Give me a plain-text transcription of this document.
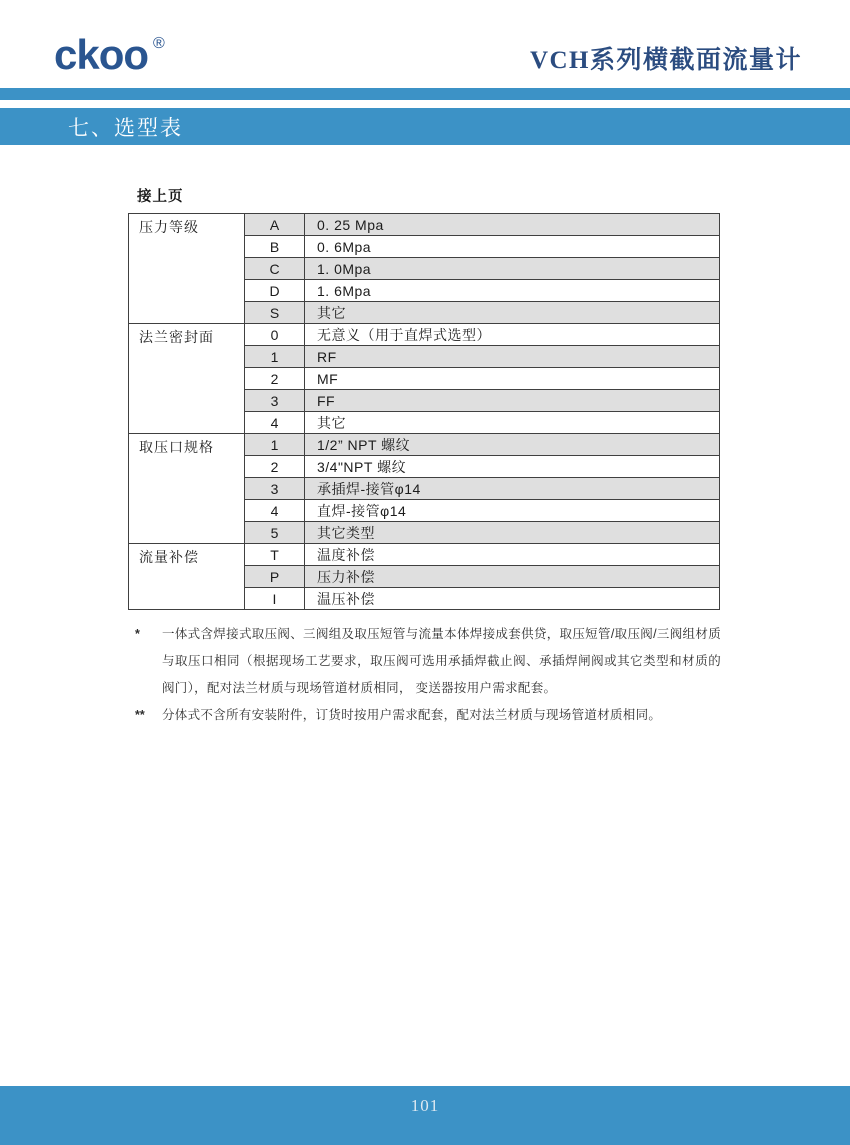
ckoo ®
VCH系列横截面流量计
七、选型表
接上页
压力等级	A	0. 25 Mpa
	B	0. 6Mpa
	C	1. 0Mpa
	D	1. 6Mpa
	S	其它
法兰密封面	0	无意义（用于直焊式选型）
	1	RF
	2	MF
	3	FF
	4	其它
取压口规格	1	1/2” NPT 螺纹
	2	3/4"NPT 螺纹
	3	承插焊-接管φ14
	4	直焊-接管φ14
	5	其它类型
流量补偿	T	温度补偿
	P	压力补偿
	I	温压补偿
*	一体式含焊接式取压阀、三阀组及取压短管与流量本体焊接成套供贷，取压短管/取压阀/三阀组材质与取压口相同（根据现场工艺要求，取压阀可选用承插焊截止阀、承插焊闸阀或其它类型和材质的阀门），配对法兰材质与现场管道材质相同， 变送器按用户需求配套。
**	分体式不含所有安装附件，订货时按用户需求配套，配对法兰材质与现场管道材质相同。
101
